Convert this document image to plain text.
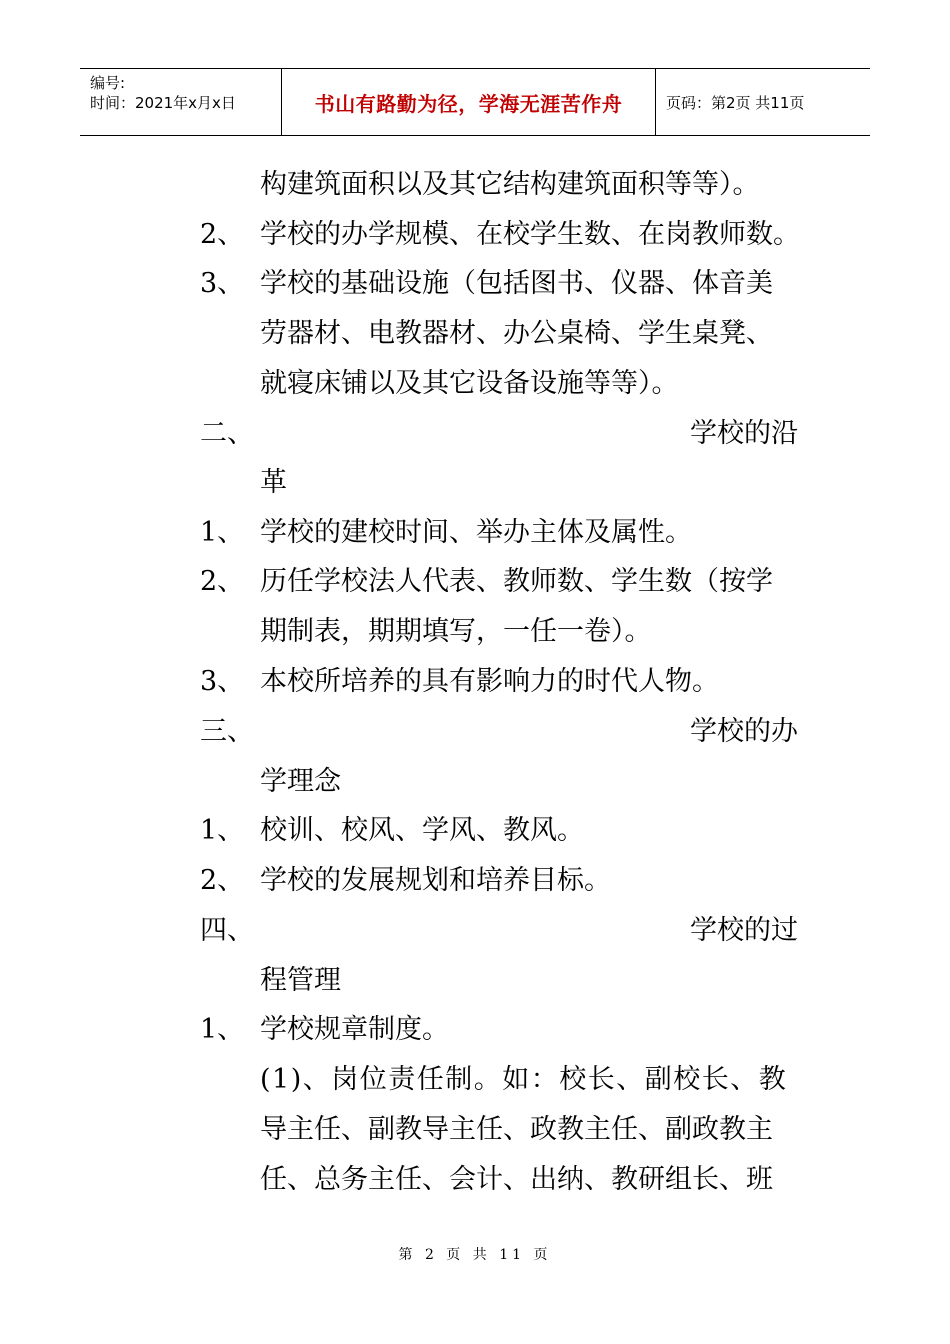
编号:
时间：2021年x月x日	书山有路勤为径，学海无涯苦作舟	页码：第2页 共11页
构建筑面积以及其它结构建筑面积等等）。
2、 学校的办学规模、在校学生数、在岗教师数。
3、 学校的基础设施（包括图书、仪器、体音美
劳器材、电教器材、办公桌椅、学生桌凳、
就寝床铺以及其它设备设施等等）。
二、	学校的沿
革
1、 学校的建校时间、举办主体及属性。
2、 历任学校法人代表、教师数、学生数（按学
期制表，期期填写，一任一卷）。
3、 本校所培养的具有影响力的时代人物。
三、	学校的办
学理念
1、 校训、校风、学风、教风。
2、 学校的发展规划和培养目标。
四、	学校的过
程管理
1、 学校规章制度。
(1)、岗位责任制。如：校长、副校长、教
导主任、副教导主任、政教主任、副政教主
任、总务主任、会计、出纳、教研组长、班
第 2 页 共 11 页
